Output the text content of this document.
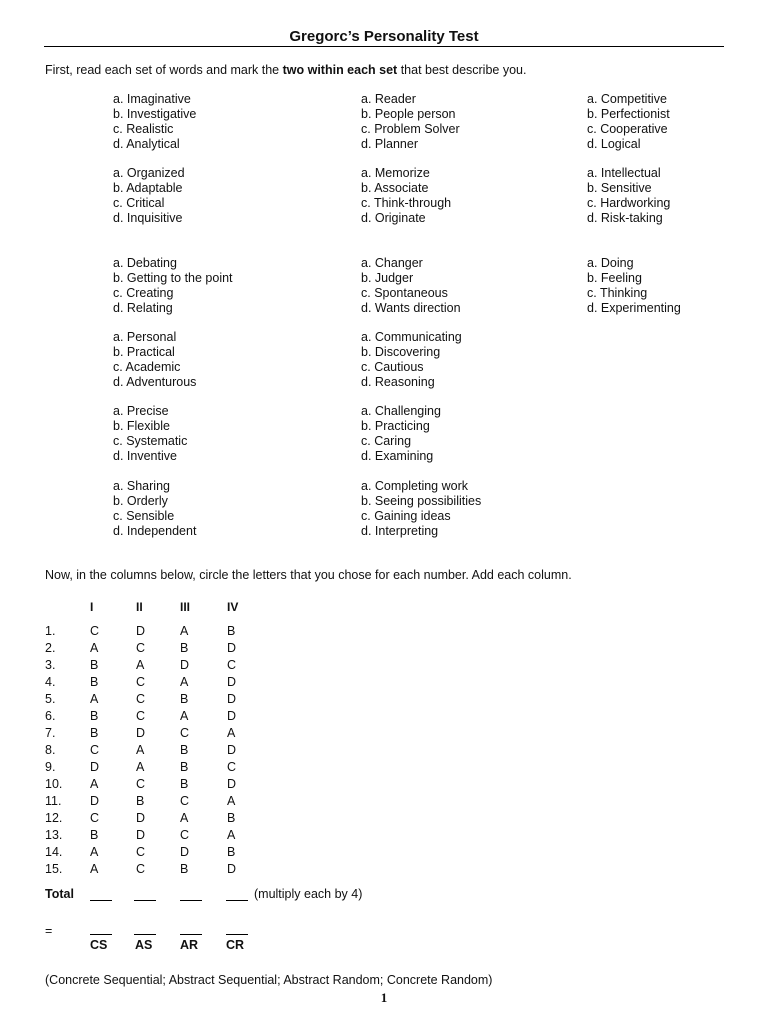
Gregorc’s Personality Test
First, read each set of words and mark the two within each set that best describe you.
a. Imaginative
b. Investigative
c. Realistic
d. Analytical
a. Organized
b. Adaptable
c. Critical
d. Inquisitive
a. Debating
b. Getting to the point
c. Creating
d. Relating
a. Personal
b. Practical
c. Academic
d. Adventurous
a. Precise
b. Flexible
c. Systematic
d. Inventive
a. Sharing
b. Orderly
c. Sensible
d. Independent
a. Reader
b. People person
c. Problem Solver
d. Planner
a. Memorize
b. Associate
c. Think-through
d. Originate
a. Changer
b. Judger
c. Spontaneous
d. Wants direction
a. Communicating
b. Discovering
c. Cautious
d. Reasoning
a. Challenging
b. Practicing
c. Caring
d. Examining
a. Completing work
b. Seeing possibilities
c. Gaining ideas
d. Interpreting
a. Competitive
b. Perfectionist
c. Cooperative
d. Logical
a. Intellectual
b. Sensitive
c. Hardworking
d. Risk-taking
a. Doing
b. Feeling
c. Thinking
d. Experimenting
Now, in the columns below, circle the letters that you chose for each number. Add each column.
I	II	III	IV
1.	C	D	A	B
2.	A	C	B	D
3.	B	A	D	C
4.	B	C	A	D
5.	A	C	B	D
6.	B	C	A	D
7.	B	D	C	A
8.	C	A	B	D
9.	D	A	B	C
10. A	C	B	D
11. D	B	C	A
12. C	D	A	B
13. B	D	C	A
14. A	C	D	B
15. A	C	B	D
Total	(multiply each by 4)
=
CS AS AR CR
(Concrete Sequential; Abstract Sequential; Abstract Random; Concrete Random)
1
